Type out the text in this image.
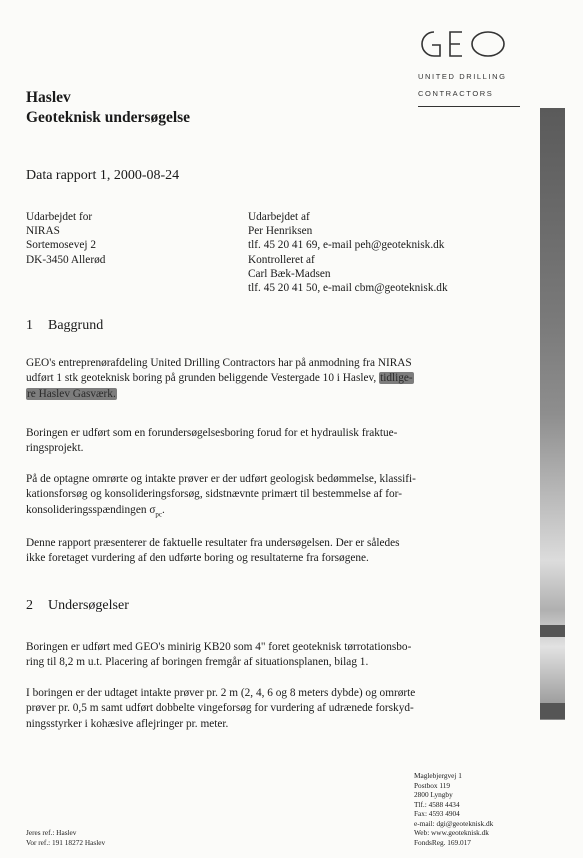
UNITED DRILLING
CONTRACTORS
Haslev
Geoteknisk undersøgelse
Data rapport 1, 2000-08-24
Udarbejdet for
NIRAS
Sortemosevej 2
DK-3450 Allerød
Udarbejdet af
Per Henriksen
tlf. 45 20 41 69, e-mail peh@geoteknisk.dk
Kontrolleret af
Carl Bæk-Madsen
tlf. 45 20 41 50, e-mail cbm@geoteknisk.dk
1 Baggrund
GEO's entreprenørafdeling United Drilling Contractors har på anmodning fra NIRAS
udført 1 stk geoteknisk boring på grunden beliggende Vestergade 10 i Haslev, tidlige-
re Haslev Gasværk.
Boringen er udført som en forundersøgelsesboring forud for et hydraulisk fraktue-
ringsprojekt.
På de optagne omrørte og intakte prøver er der udført geologisk bedømmelse, klassifi-
kationsforsøg og konsolideringsforsøg, sidstnævnte primært til bestemmelse af for-
konsolideringsspændingen $\sigma_{pc}$.
Denne rapport præsenterer de faktuelle resultater fra undersøgelsen. Der er således
ikke foretaget vurdering af den udførte boring og resultaterne fra forsøgene.
2 Undersøgelser
Boringen er udført med GEO's minirig KB20 som 4" foret geoteknisk tørrotationsbo-
ring til 8,2 m u.t. Placering af boringen fremgår af situationsplanen, bilag 1.
I boringen er der udtaget intakte prøver pr. 2 m (2, 4, 6 og 8 meters dybde) og omrørte
prøver pr. 0,5 m samt udført dobbelte vingeforsøg for vurdering af udrænede forskyd-
ningsstyrker i kohæsive aflejringer pr. meter.
Maglebjergvej 1
Postbox 119
2800 Lyngby
Tlf.: 4588 4434
Fax: 4593 4904
e-mail: dgi@geoteknisk.dk
Web: www.geoteknisk.dk
FondsReg. 169.017
Jeres ref.: Haslev
Vor ref.: 191 18272 Haslev
